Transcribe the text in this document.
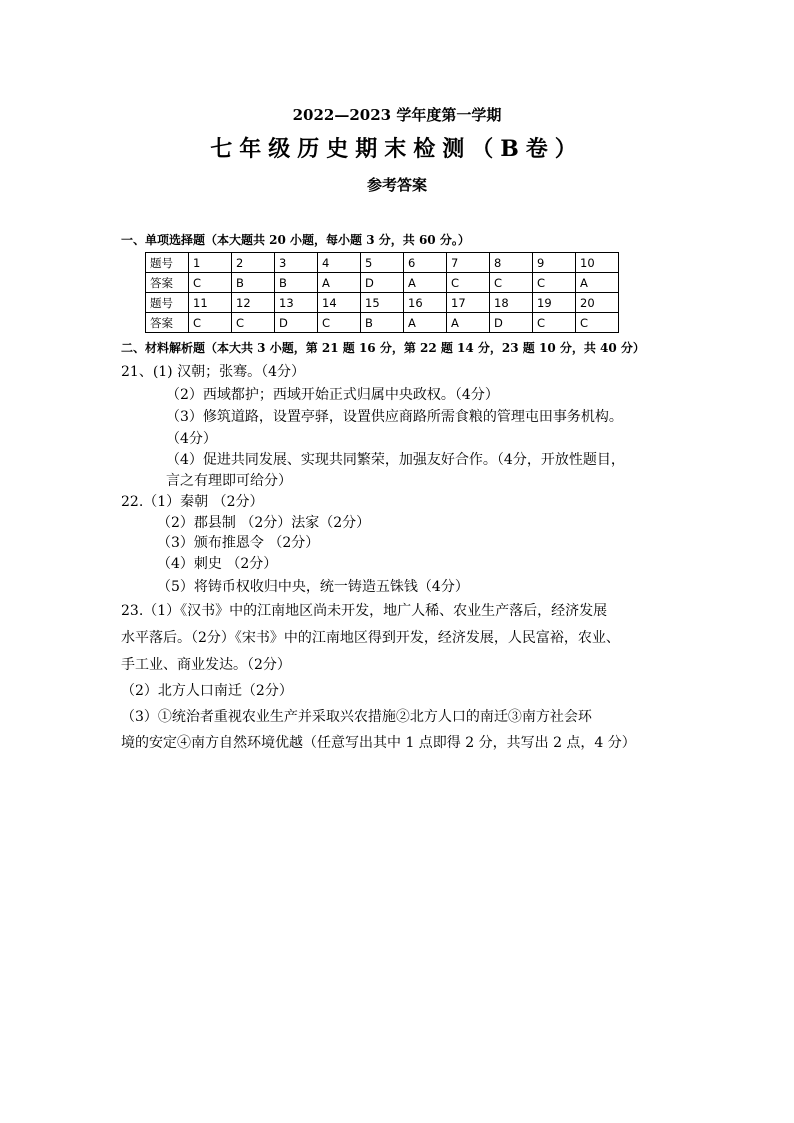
2022—2023 学年度第一学期
七年级历史期末检测（B卷）
参考答案
一、单项选择题（本大题共 20 小题，每小题 3 分，共 60 分。）
题号	1	2	3	4	5	6	7	8	9	10
答案	C	B	B	A	D	A	C	C	C	A
题号	11	12	13	14	15	16	17	18	19	20
答案	C	C	D	C	B	A	A	D	C	C
二、材料解析题（本大共 3 小题，第 21 题 16 分，第 22 题 14 分，23 题 10 分，共 40 分）
21、(1) 汉朝；张骞。（4分）
（2）西域都护；西域开始正式归属中央政权。（4分）
（3）修筑道路，设置亭驿，设置供应商路所需食粮的管理屯田事务机构。
（4分）
（4）促进共同发展、实现共同繁荣，加强友好合作。（4分，开放性题目，
言之有理即可给分）
22.（1）秦朝 （2分）
（2）郡县制 （2分）法家（2分）
（3）颁布推恩令 （2分）
（4）刺史 （2分）
（5）将铸币权收归中央，统一铸造五铢钱（4分）
23.（1）《汉书》中的江南地区尚未开发，地广人稀、农业生产落后，经济发展
水平落后。（2分）《宋书》中的江南地区得到开发，经济发展，人民富裕，农业、
手工业、商业发达。（2分）
（2）北方人口南迁（2分）
（3）①统治者重视农业生产并采取兴农措施②北方人口的南迁③南方社会环
境的安定④南方自然环境优越（任意写出其中 1 点即得 2 分，共写出 2 点，4 分）
